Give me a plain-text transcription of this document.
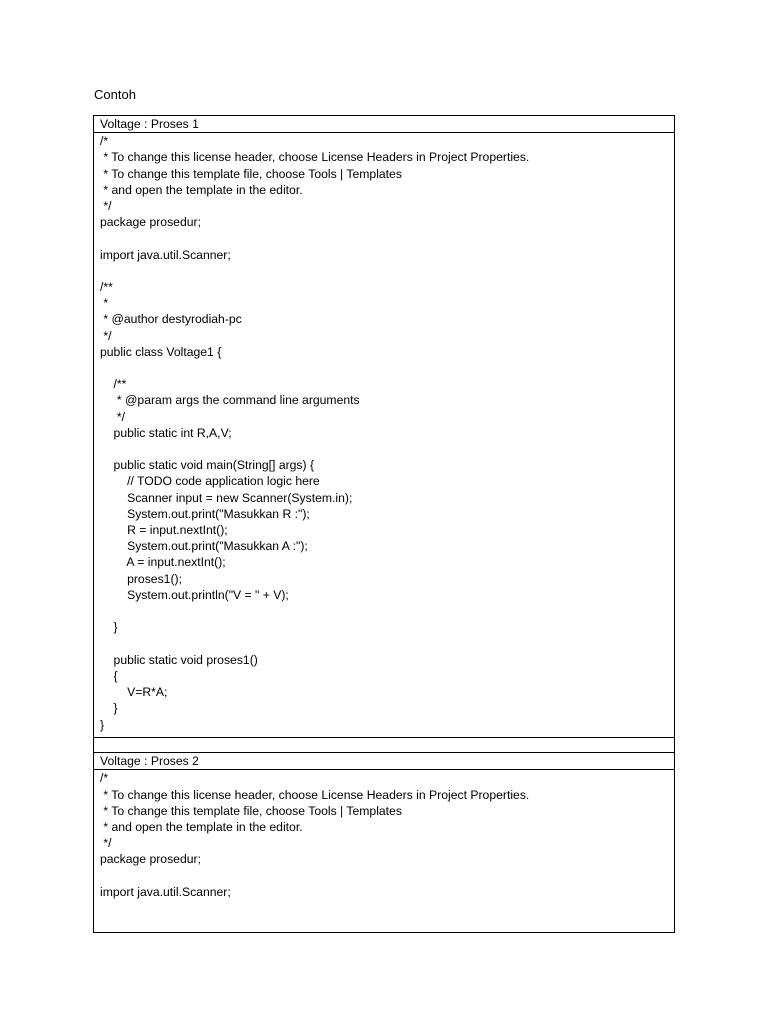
Contoh
Voltage : Proses 1
/*
* To change this license header, choose License Headers in Project Properties.
* To change this template file, choose Tools | Templates
* and open the template in the editor.
*/
package prosedur;

import java.util.Scanner;

/**
*
* @author destyrodiah-pc
*/
public class Voltage1 {

/**
* @param args the command line arguments
*/
public static int R,A,V;

public static void main(String[] args) {
// TODO code application logic here
Scanner input = new Scanner(System.in);
System.out.print("Masukkan R :");
R = input.nextInt();
System.out.print("Masukkan A :");
A = input.nextInt();
proses1();
System.out.println("V = " + V);

}

public static void proses1()
{
V=R*A;
}
}

Voltage : Proses 2
/*
* To change this license header, choose License Headers in Project Properties.
* To change this template file, choose Tools | Templates
* and open the template in the editor.
*/
package prosedur;

import java.util.Scanner;
